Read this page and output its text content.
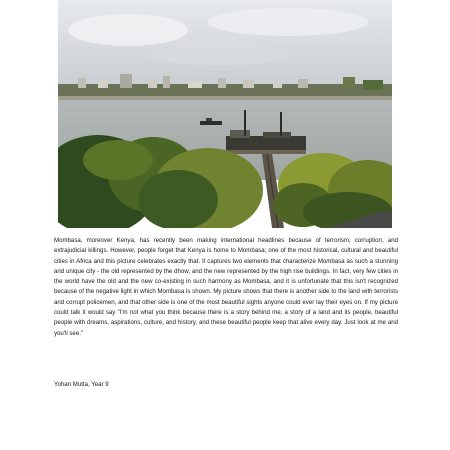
Mombasa, moreover Kenya, has recently been making international headlines because of terrorism, corruption, and extrajudicial killings. However, people forget that Kenya is home to Mombasa; one of the most historical, cultural and beautiful cities in Africa and this picture celebrates exactly that. It captures two elements that characterize Mombasa as such a stunning and unique city - the old represented by the dhow, and the new represented by the high rise buildings. In fact, very few cities in the world have the old and the new co-existing in such harmony as Mombasa, and it is unfortunate that this isn't recognized because of the negative light in which Mombasa is shown. My picture shows that there is another side to the land with terrorists and corrupt policemen, and that other side is one of the most beautiful sights anyone could ever lay their eyes on. If my picture could talk it would say "I'm not what you think because there is a story behind me, a story of a land and its people, beautiful people with dreams, aspirations, culture, and history, and these beautiful people keep that alive every day. Just look at me and you'll see."

Yohan Mutta, Year 9
